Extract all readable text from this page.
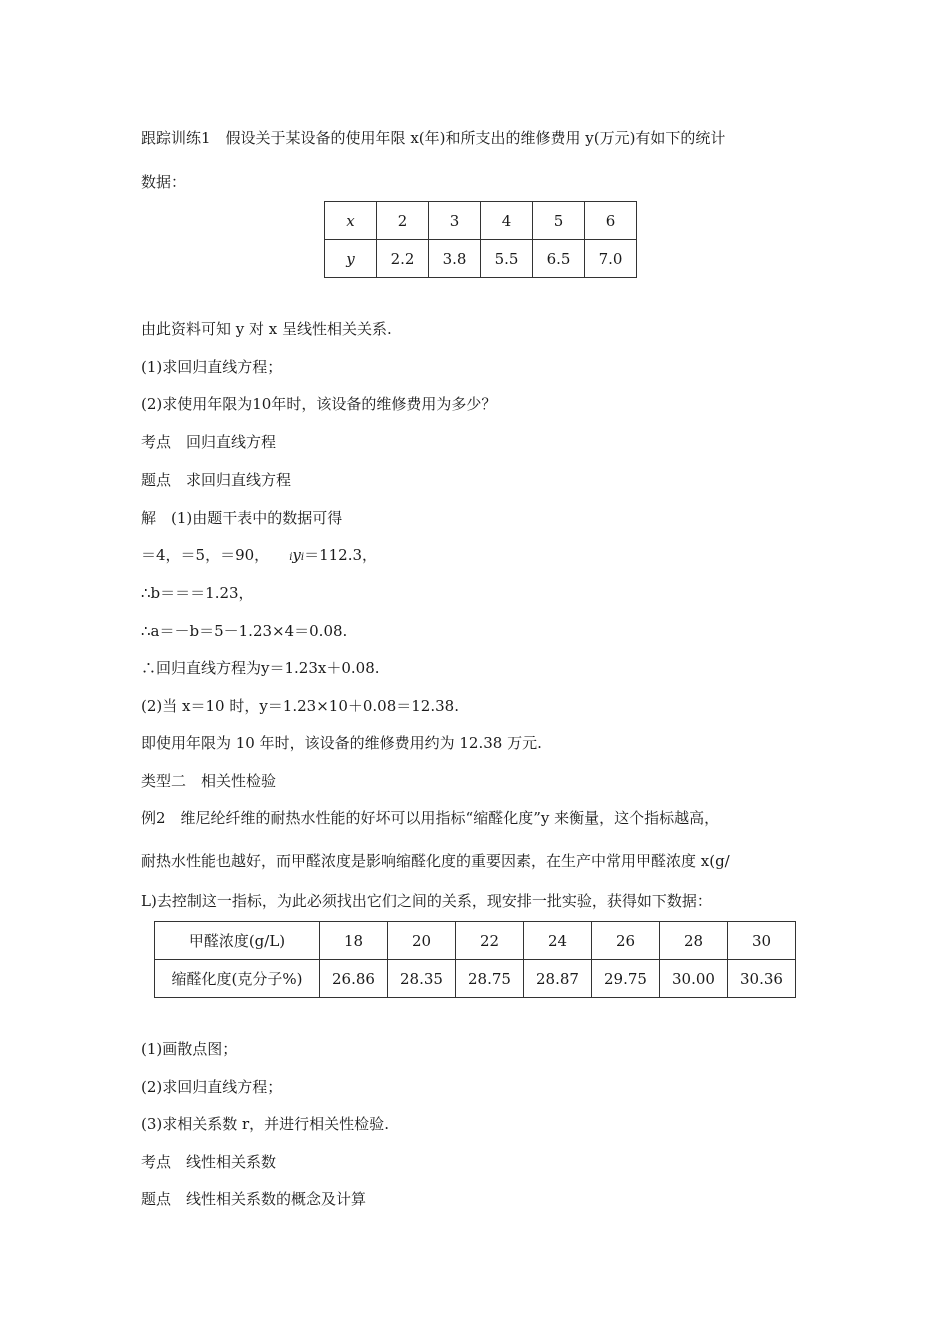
跟踪训练1　假设关于某设备的使用年限 x(年)和所支出的维修费用 y(万元)有如下的统计
数据：
x	2	3	4	5	6
y	2.2	3.8	5.5	6.5	7.0
由此资料可知 y 对 x 呈线性相关关系.
(1)求回归直线方程；
(2)求使用年限为10年时，该设备的维修费用为多少？
考点　回归直线方程
题点　求回归直线方程
解　(1)由题干表中的数据可得
＝4，＝5，＝90， iyi＝112.3，
∴b＝＝＝1.23，
∴a＝－b＝5－1.23×4＝0.08.
∴回归直线方程为y＝1.23x＋0.08.
(2)当 x＝10 时，y＝1.23×10＋0.08＝12.38.
即使用年限为 10 年时，该设备的维修费用约为 12.38 万元.
类型二　相关性检验
例2　维尼纶纤维的耐热水性能的好坏可以用指标“缩醛化度”y 来衡量，这个指标越高，
耐热水性能也越好，而甲醛浓度是影响缩醛化度的重要因素，在生产中常用甲醛浓度 x(g/
L)去控制这一指标，为此必须找出它们之间的关系，现安排一批实验，获得如下数据：
甲醛浓度(g/L)	18	20	22	24	26	28	30
缩醛化度(克分子%)	26.86	28.35	28.75	28.87	29.75	30.00	30.36
(1)画散点图；
(2)求回归直线方程；
(3)求相关系数 r，并进行相关性检验.
考点　线性相关系数
题点　线性相关系数的概念及计算
